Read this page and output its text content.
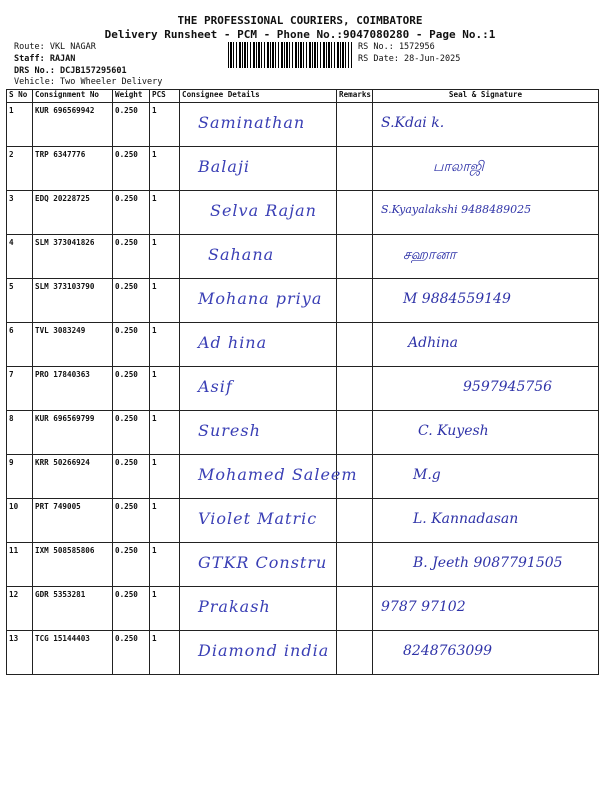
THE PROFESSIONAL COURIERS, COIMBATORE
Delivery Runsheet - PCM - Phone No.:9047080280 - Page No.:1
Route: VKL NAGAR
Staff: RAJAN
DRS No.: DCJB157295601
Vehicle: Two Wheeler Delivery
RS No.: 1572956
RS Date: 28-Jun-2025
S No	Consignment No	Weight	PCS	Consignee Details	Remarks	Seal & Signature
1	KUR 696569942	0.250	1	Saminathan		S.Kdai k.

2	TRP 6347776	0.250	1	Balaji		பாலாஜி

3	EDQ 20228725	0.250	1	Selva Rajan		S.Kyayalakshi 9488489025

4	SLM 373041826	0.250	1	Sahana		சஹானா

5	SLM 373103790	0.250	1	Mohana priya		M 9884559149

6	TVL 3083249	0.250	1	Ad hina		Adhina

7	PRO 17840363	0.250	1	Asif		9597945756

8	KUR 696569799	0.250	1	Suresh		C. Kuyesh

9	KRR 50266924	0.250	1	Mohamed Saleem		M.g

10	PRT 749005	0.250	1	Violet Matric		L. Kannadasan

11	IXM 508585806	0.250	1	GTKR Constru		B. Jeeth 9087791505

12	GDR 5353281	0.250	1	Prakash		9787 97102

13	TCG 15144403	0.250	1	Diamond india		8248763099
